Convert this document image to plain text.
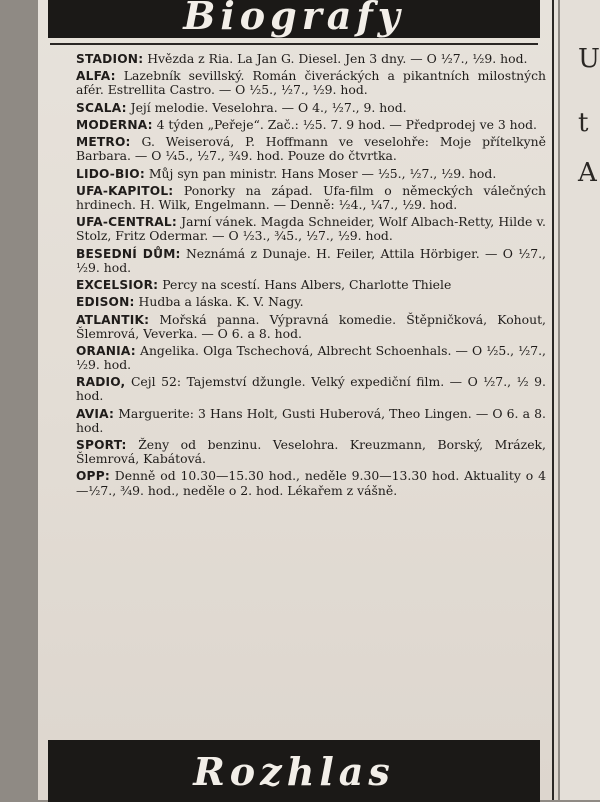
U
t
A
Biografy

STADION: Hvězda z Ria. La Jan G. Diesel. Jen 3 dny. — O ½7., ½9. hod.

ALFA: Lazebník sevillský. Román čiveráckých a pikantních milostných afér. Estrellita Castro. — O ½5., ½7., ½9. hod.

SCALA: Její melodie. Veselohra. — O 4., ½7., 9. hod.

MODERNA: 4 týden „Peřeje“. Zač.: ½5. 7. 9 hod. — Předprodej ve 3 hod.

METRO: G. Weiserová, P. Hoffmann ve veselohře: Moje přítelkyně Barbara. — O ¼5., ½7., ¾9. hod. Pouze do čtvrtka.

LIDO-BIO: Můj syn pan ministr. Hans Moser — ½5., ½7., ½9. hod.

UFA-KAPITOL: Ponorky na západ. Ufa-film o německých válečných hrdinech. H. Wilk, Engelmann. — Denně: ½4., ¼7., ½9. hod.

UFA-CENTRAL: Jarní vánek. Magda Schneider, Wolf Albach-Retty, Hilde v. Stolz, Fritz Odermar. — O ½3., ¾5., ½7., ½9. hod.

BESEDNÍ DŮM: Neznámá z Dunaje. H. Feiler, Attila Hörbiger. — O ½7., ½9. hod.

EXCELSIOR: Percy na scestí. Hans Albers, Charlotte Thiele

EDISON: Hudba a láska. K. V. Nagy.

ATLANTIK: Mořská panna. Výpravná komedie. Štěpničková, Kohout, Šlemrová, Veverka. — O 6. a 8. hod.

ORANIA: Angelika. Olga Tschechová, Albrecht Schoenhals. — O ½5., ½7., ½9. hod.

RADIO, Cejl 52: Tajemství džungle. Velký expediční film. — O ½7., ½ 9. hod.

AVIA: Marguerite: 3 Hans Holt, Gusti Huberová, Theo Lingen. — O 6. a 8. hod.

SPORT: Ženy od benzinu. Veselohra. Kreuzmann, Borský, Mrázek, Šlemrová, Kabátová.

OPP: Denně od 10.30—15.30 hod., neděle 9.30—13.30 hod. Aktuality o 4—½7., ¾9. hod., neděle o 2. hod. Lékařem z vášně.

Rozhlas
